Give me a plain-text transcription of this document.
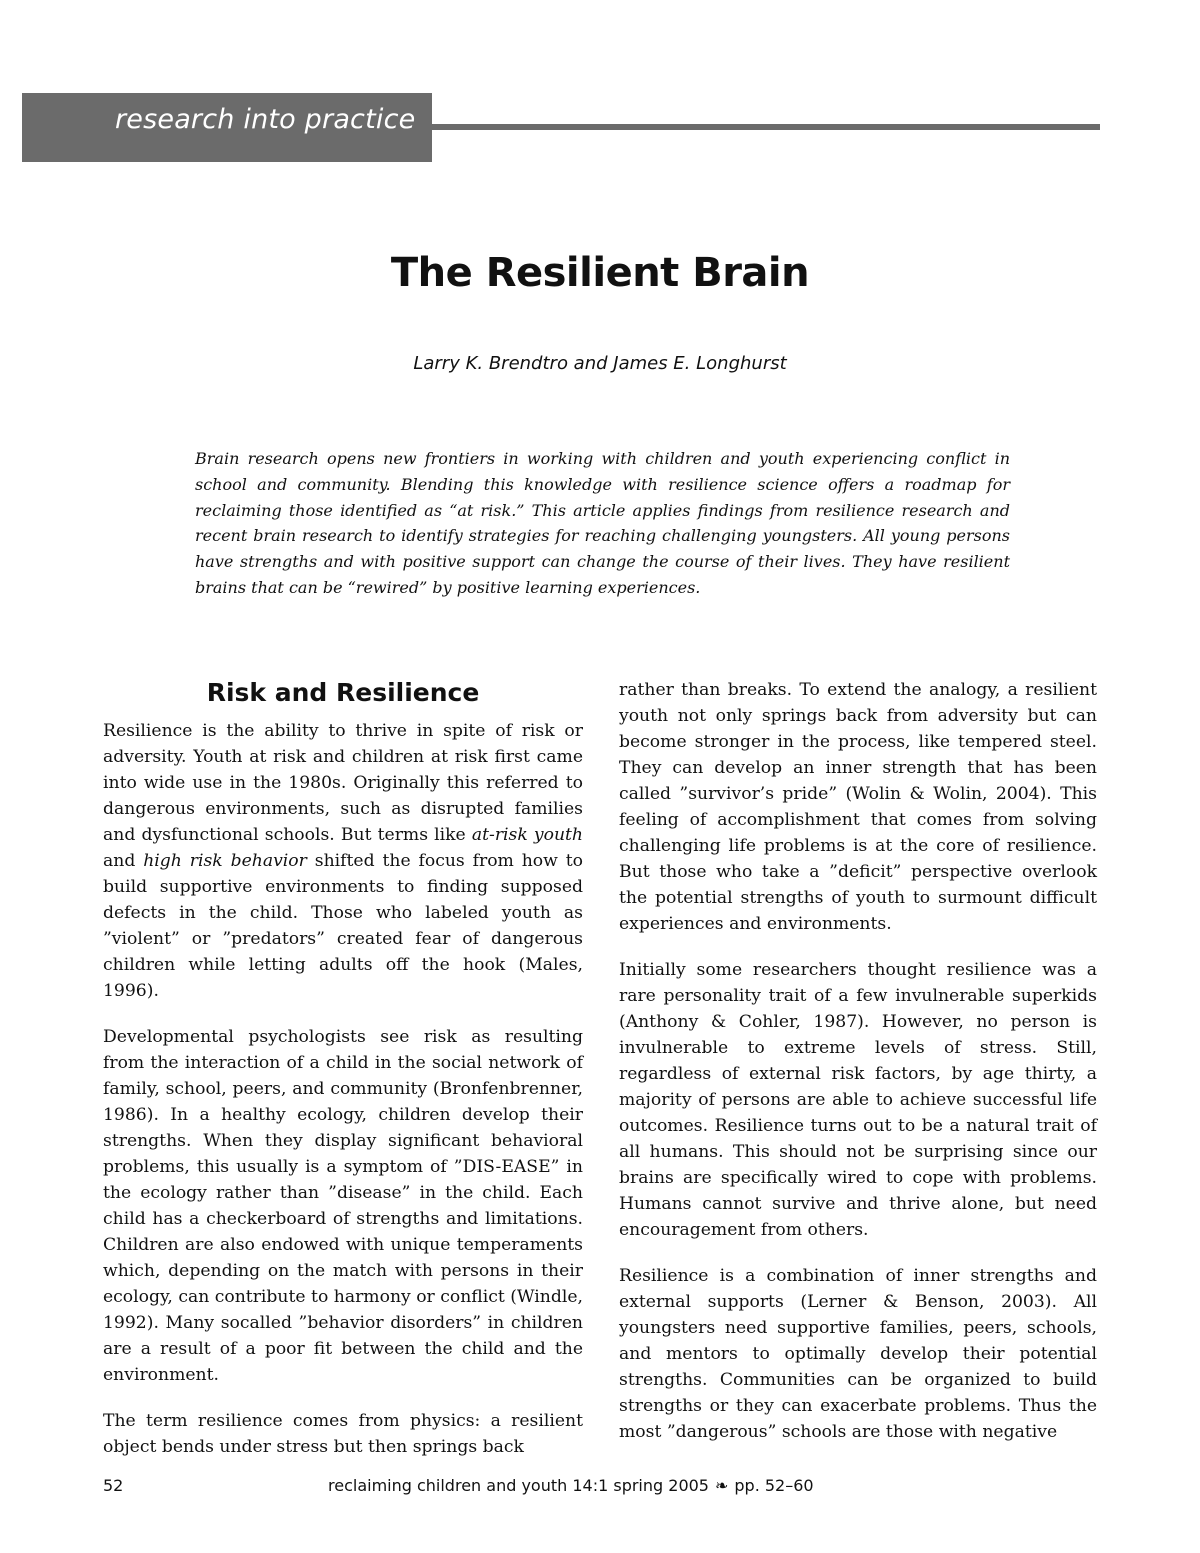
research into practice
The Resilient Brain

Larry K. Brendtro and James E. Longhurst

Brain research opens new frontiers in working with children and youth experiencing conflict in school and community. Blending this knowledge with resilience science offers a roadmap for reclaiming those identified as “at risk.” This article applies findings from resilience research and recent brain research to identify strategies for reaching challenging youngsters. All young persons have strengths and with positive support can change the course of their lives. They have resilient brains that can be “rewired” by positive learning experiences.

Risk and Resilience

Resilience is the ability to thrive in spite of risk or adversity. Youth at risk and children at risk first came into wide use in the 1980s. Originally this referred to dangerous environments, such as disrupted families and dysfunctional schools. But terms like at-risk youth and high risk behavior shifted the focus from how to build supportive environments to finding supposed defects in the child. Those who labeled youth as ”violent” or ”predators” created fear of dangerous children while letting adults off the hook (Males, 1996).

Developmental psychologists see risk as resulting from the interaction of a child in the social network of family, school, peers, and community (Bronfenbrenner, 1986). In a healthy ecology, children develop their strengths. When they display significant behavioral problems, this usually is a symptom of ”DIS-EASE” in the ecology rather than ”disease” in the child. Each child has a checkerboard of strengths and limitations. Children are also endowed with unique temperaments which, depending on the match with persons in their ecology, can contribute to harmony or conflict (Windle, 1992). Many socalled ”behavior disorders” in children are a result of a poor fit between the child and the environment.

The term resilience comes from physics: a resilient object bends under stress but then springs back

rather than breaks. To extend the analogy, a resilient youth not only springs back from adversity but can become stronger in the process, like tempered steel. They can develop an inner strength that has been called ”survivor’s pride” (Wolin & Wolin, 2004). This feeling of accomplishment that comes from solving challenging life problems is at the core of resilience. But those who take a ”deficit” perspective overlook the potential strengths of youth to surmount difficult experiences and environments.

Initially some researchers thought resilience was a rare personality trait of a few invulnerable superkids (Anthony & Cohler, 1987). However, no person is invulnerable to extreme levels of stress. Still, regardless of external risk factors, by age thirty, a majority of persons are able to achieve successful life outcomes. Resilience turns out to be a natural trait of all humans. This should not be surprising since our brains are specifically wired to cope with problems. Humans cannot survive and thrive alone, but need encouragement from others.

Resilience is a combination of inner strengths and external supports (Lerner & Benson, 2003). All youngsters need supportive families, peers, schools, and mentors to optimally develop their potential strengths. Communities can be organized to build strengths or they can exacerbate problems. Thus the most ”dangerous” schools are those with negative

52	reclaiming children and youth 14:1 spring 2005 ❧ pp. 52–60
